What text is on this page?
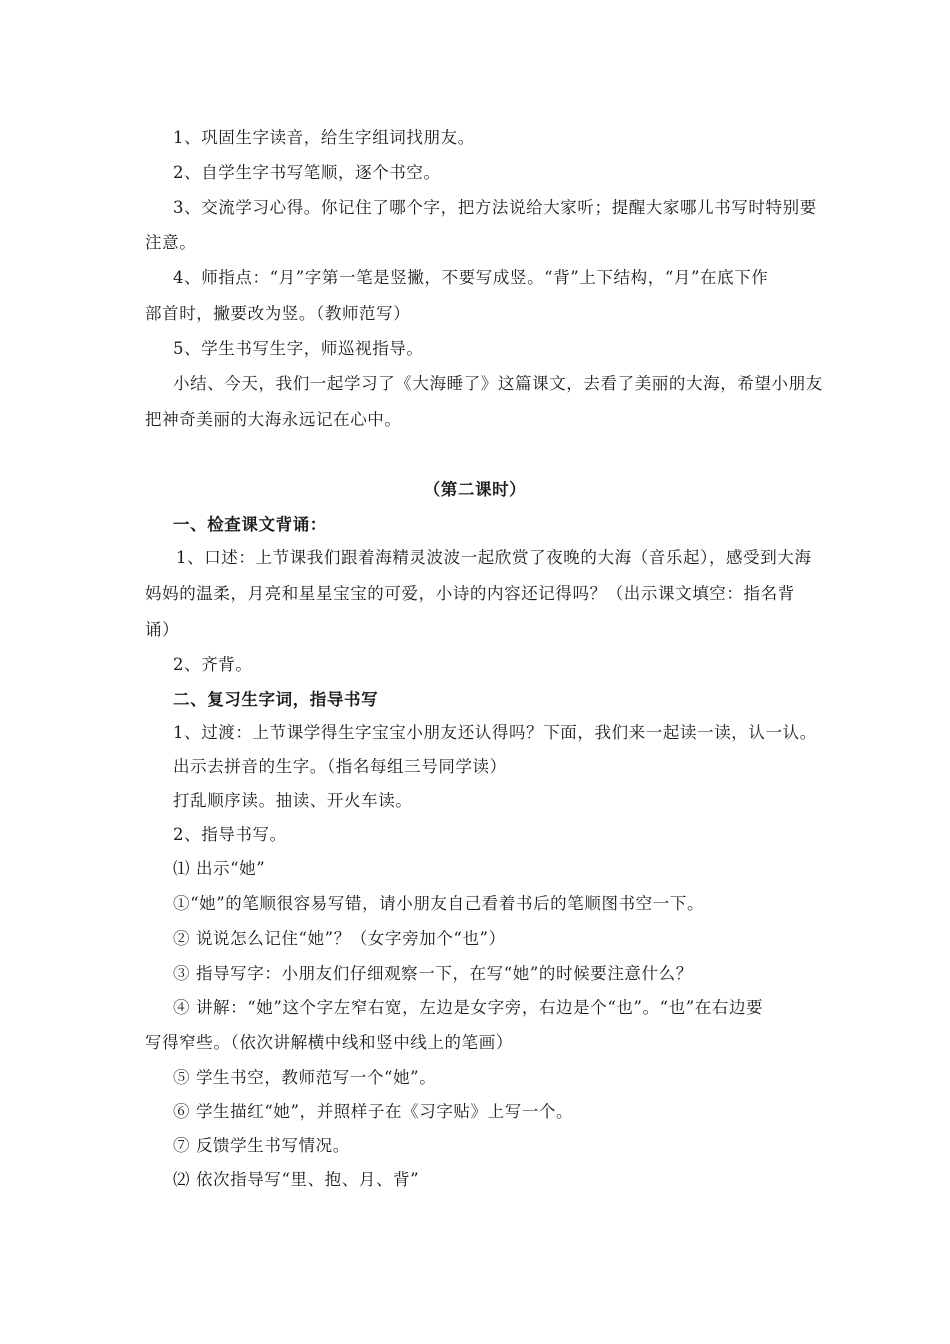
1、巩固生字读音，给生字组词找朋友。
2、自学生字书写笔顺，逐个书空。
3、交流学习心得。你记住了哪个字，把方法说给大家听；提醒大家哪儿书写时特别要
注意。
4、师指点：“月”字第一笔是竖撇，不要写成竖。“背”上下结构，“月”在底下作
部首时，撇要改为竖。（教师范写）
5、学生书写生字，师巡视指导。
小结、今天，我们一起学习了《大海睡了》这篇课文，去看了美丽的大海，希望小朋友
把神奇美丽的大海永远记在心中。
（第二课时）
一、检查课文背诵：
1、口述：上节课我们跟着海精灵波波一起欣赏了夜晚的大海（音乐起），感受到大海
妈妈的温柔，月亮和星星宝宝的可爱，小诗的内容还记得吗？（出示课文填空：指名背
诵）
2、齐背。
二、复习生字词，指导书写
1、过渡：上节课学得生字宝宝小朋友还认得吗？下面，我们来一起读一读，认一认。
出示去拼音的生字。（指名每组三号同学读）
打乱顺序读。抽读、开火车读。
2、指导书写。
⑴ 出示“她”
①“她”的笔顺很容易写错，请小朋友自己看着书后的笔顺图书空一下。
② 说说怎么记住“她”？（女字旁加个“也”）
③ 指导写字：小朋友们仔细观察一下，在写“她”的时候要注意什么？
④ 讲解：“她”这个字左窄右宽，左边是女字旁，右边是个“也”。“也”在右边要
写得窄些。（依次讲解横中线和竖中线上的笔画）
⑤ 学生书空，教师范写一个“她”。
⑥ 学生描红“她”，并照样子在《习字贴》上写一个。
⑦ 反馈学生书写情况。
⑵ 依次指导写“里、抱、月、背”
